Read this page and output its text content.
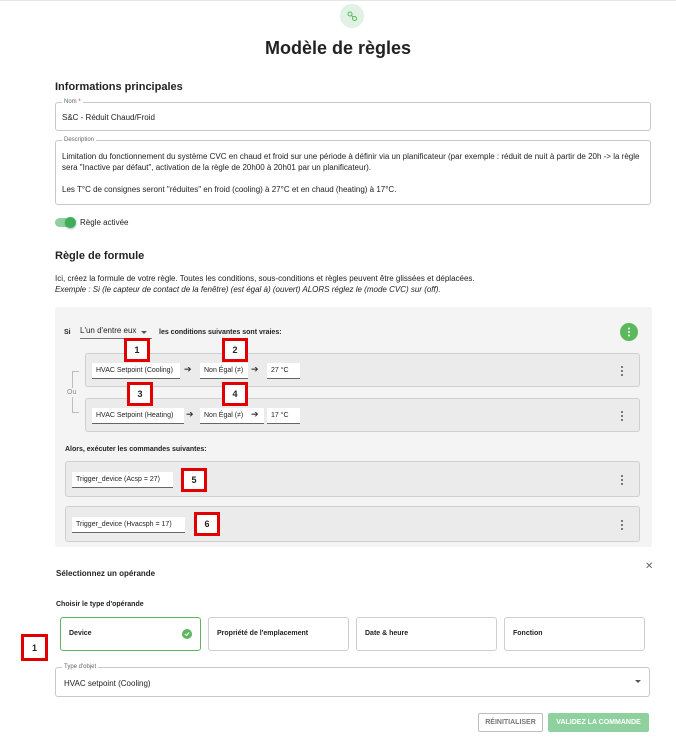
Modèle de règles
Informations principales
Nom *
S&C - Réduit Chaud/Froid
Description

Limitation du fonctionnement du système CVC en chaud et froid sur une période à définir via un planificateur (par exemple : réduit de nuit à partir de 20h -> la règle sera "Inactive par défaut", activation de la règle de 20h00 à 20h01 par un planificateur).

Les T°C de consignes seront "réduites" en froid (cooling) à 27°C et en chaud (heating) à 17°C.

Règle activée
Règle de formule
Ici, créez la formule de votre règle. Toutes les conditions, sous-conditions et règles peuvent être glissées et déplacées.
Exemple : Si (le capteur de contact de la fenêtre) (est égal à) (ouvert) ALORS réglez le (mode CVC) sur (off).
Si L'un d'entre eux	les conditions suivantes sont vraies:
Ou
HVAC Setpoint (Cooling)	➔	Non Égal (≠) ➔	27 °C
HVAC Setpoint (Heating)	➔	Non Égal (≠) ➔	17 °C
Alors, exécuter les commandes suivantes:
Trigger_device (Acsp = 27)
Trigger_device (Hvacsph = 17)
1	2
3	4
5
6
Sélectionnez un opérande
✕
Choisir le type d'opérande
Device	Propriété de l'emplacement	Date & heure	Fonction
1
Type d'objet
HVAC setpoint (Cooling)
RÉINITIALISER	VALIDEZ LA COMMANDE
